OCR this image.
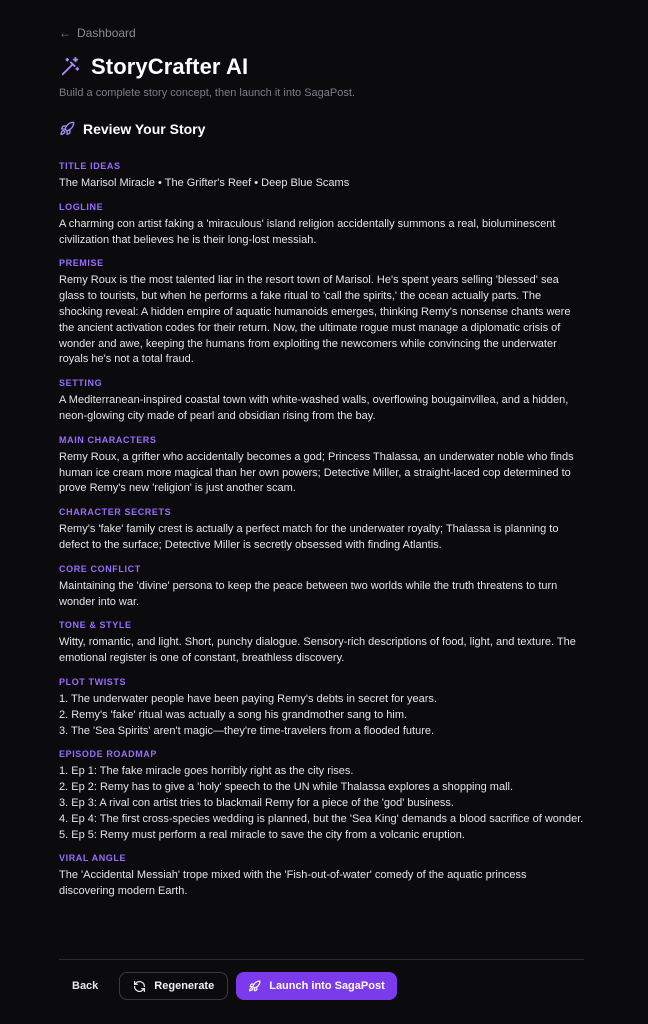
← Dashboard
StoryCrafter AI
Build a complete story concept, then launch it into SagaPost.
Review Your Story
TITLE IDEAS
The Marisol Miracle • The Grifter's Reef • Deep Blue Scams
LOGLINE
A charming con artist faking a 'miraculous' island religion accidentally summons a real, bioluminescent civilization that believes he is their long-lost messiah.
PREMISE
Remy Roux is the most talented liar in the resort town of Marisol. He's spent years selling 'blessed' sea glass to tourists, but when he performs a fake ritual to 'call the spirits,' the ocean actually parts. The shocking reveal: A hidden empire of aquatic humanoids emerges, thinking Remy's nonsense chants were the ancient activation codes for their return. Now, the ultimate rogue must manage a diplomatic crisis of wonder and awe, keeping the humans from exploiting the newcomers while convincing the underwater royals he's not a total fraud.
SETTING
A Mediterranean-inspired coastal town with white-washed walls, overflowing bougainvillea, and a hidden, neon-glowing city made of pearl and obsidian rising from the bay.
MAIN CHARACTERS
Remy Roux, a grifter who accidentally becomes a god; Princess Thalassa, an underwater noble who finds human ice cream more magical than her own powers; Detective Miller, a straight-laced cop determined to prove Remy's new 'religion' is just another scam.
CHARACTER SECRETS
Remy's 'fake' family crest is actually a perfect match for the underwater royalty; Thalassa is planning to defect to the surface; Detective Miller is secretly obsessed with finding Atlantis.
CORE CONFLICT
Maintaining the 'divine' persona to keep the peace between two worlds while the truth threatens to turn wonder into war.
TONE & STYLE
Witty, romantic, and light. Short, punchy dialogue. Sensory-rich descriptions of food, light, and texture. The emotional register is one of constant, breathless discovery.
PLOT TWISTS
1. The underwater people have been paying Remy's debts in secret for years.
2. Remy's 'fake' ritual was actually a song his grandmother sang to him.
3. The 'Sea Spirits' aren't magic—they're time-travelers from a flooded future.
EPISODE ROADMAP
1. Ep 1: The fake miracle goes horribly right as the city rises.
2. Ep 2: Remy has to give a 'holy' speech to the UN while Thalassa explores a shopping mall.
3. Ep 3: A rival con artist tries to blackmail Remy for a piece of the 'god' business.
4. Ep 4: The first cross-species wedding is planned, but the 'Sea King' demands a blood sacrifice of wonder.
5. Ep 5: Remy must perform a real miracle to save the city from a volcanic eruption.
VIRAL ANGLE
The 'Accidental Messiah' trope mixed with the 'Fish-out-of-water' comedy of the aquatic princess discovering modern Earth.
Back	Regenerate	Launch into SagaPost
